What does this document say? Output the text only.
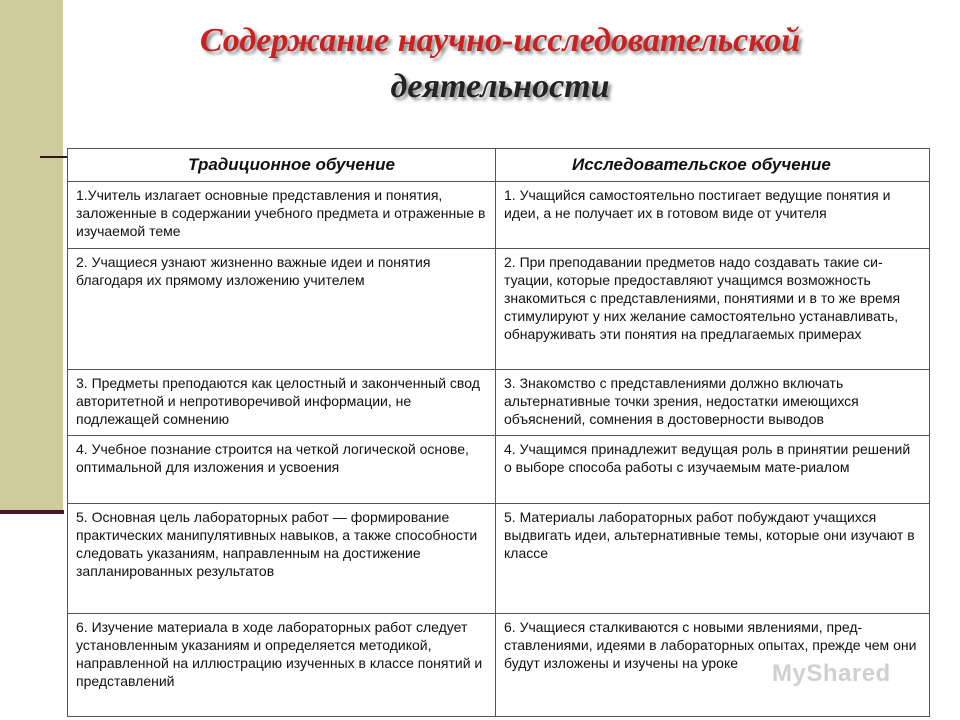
Содержание научно-исследовательской
деятельности
Традиционное обучение	Исследовательское обучение
1.Учитель излагает основные представления и понятия, заложенные в содержании учебного предмета и отраженные в изучаемой теме	1. Учащийся самостоятельно постигает ведущие понятия и идеи, а не получает их в готовом виде от учителя
2. Учащиеся узнают жизненно важные идеи и понятия благодаря их прямому изложению учителем	2. При преподавании предметов надо создавать такие си-туации, которые предоставляют учащимся возможность знакомиться с представлениями, понятиями и в то же время стимулируют у них желание самостоятельно устанавливать, обнаруживать эти понятия на предлагаемых примерах
3. Предметы преподаются как целостный и законченный свод авторитетной и непротиворечивой информации, не подлежащей сомнению	3. Знакомство с представлениями должно включать альтернативные точки зрения, недостатки имеющихся объяснений, сомнения в достоверности выводов
4. Учебное познание строится на четкой логической основе, оптимальной для изложения и усвоения	4. Учащимся принадлежит ведущая роль в принятии решений о выборе способа работы с изучаемым мате-риалом
5. Основная цель лабораторных работ — формирование практических манипулятивных навыков, а также способности следовать указаниям, направленным на достижение запланированных результатов	5. Материалы лабораторных работ побуждают учащихся выдвигать идеи, альтернативные темы, которые они изучают в классе
6. Изучение материала в ходе лабораторных работ следует установленным указаниям и определяется методикой, направленной на иллюстрацию изученных в классе понятий и представлений	6. Учащиеся сталкиваются с новыми явлениями, пред-ставлениями, идеями в лабораторных опытах, прежде чем они будут изложены и изучены на уроке MyShared
